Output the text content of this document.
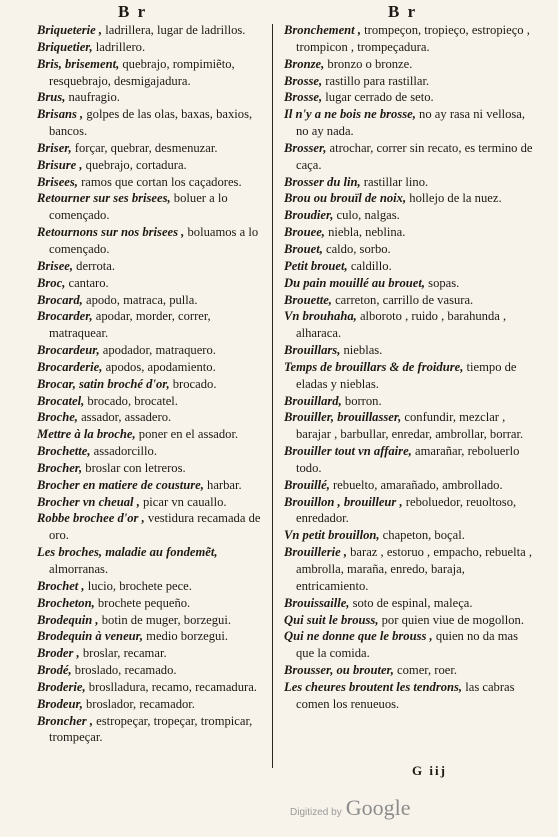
B r	B r

Briqueterie , ladrillera, lugar de ladrillos.

Briquetier, ladrillero.

Bris, brisement, quebrajo, rompimiẽto, resquebrajo, desmigajadura.

Brus, naufragio.

Brisans , golpes de las olas, baxas, baxios, bancos.

Briser, forçar, quebrar, desmenuzar.

Brisure , quebrajo, cortadura.

Brisees, ramos que cortan los caçadores.

Retourner sur ses brisees, boluer a lo començado.

Retournons sur nos brisees , boluamos a lo començado.

Brisee, derrota.

Broc, cantaro.

Brocard, apodo, matraca, pulla.

Brocarder, apodar, morder, correr, matraquear.

Brocardeur, apodador, matraquero.

Brocarderie, apodos, apodamiento.

Brocar, satin broché d'or, brocado.

Brocatel, brocado, brocatel.

Broche, assador, assadero.

Mettre à la broche, poner en el assador.

Brochette, assadorcillo.

Brocher, broslar con letreros.

Brocher en matiere de cousture, harbar.

Brocher vn cheual , picar vn cauallo.

Robbe brochee d'or , vestidura recamada de oro.

Les broches, maladie au fondemẽt, almorranas.

Brochet , lucio, brochete pece.

Brocheton, brochete pequeño.

Brodequin , botin de muger, borzegui.

Brodequin à veneur, medio borzegui.

Broder , broslar, recamar.

Brodé, broslado, recamado.

Broderie, broslladura, recamo, recamadura.

Brodeur, broslador, recamador.

Broncher , estropeçar, tropeçar, trompicar, trompeçar.

Bronchement , trompeçon, tropieço, estropieço , trompicon , trompeçadura.

Bronze, bronzo o bronze.

Brosse, rastillo para rastillar.

Brosse, lugar cerrado de seto.

Il n'y a ne bois ne brosse, no ay rasa ni vellosa, no ay nada.

Brosser, atrochar, correr sin recato, es termino de caça.

Brosser du lin, rastillar lino.

Brou ou brouïl de noix, hollejo de la nuez.

Broudier, culo, nalgas.

Brouee, niebla, neblina.

Brouet, caldo, sorbo.

Petit brouet, caldillo.

Du pain mouillé au brouet, sopas.

Brouette, carreton, carrillo de vasura.

Vn brouhaha, alboroto , ruido , barahunda , alharaca.

Brouillars, nieblas.

Temps de brouillars & de froidure, tiempo de eladas y nieblas.

Brouillard, borron.

Brouiller, brouillasser, confundir, mezclar , barajar , barbullar, enredar, ambrollar, borrar.

Brouiller tout vn affaire, amarañar, reboluerlo todo.

Brouillé, rebuelto, amarañado, ambrollado.

Brouillon , brouilleur , reboluedor, reuoltoso, enredador.

Vn petit brouillon, chapeton, boçal.

Brouillerie , baraz , estoruo , empacho, rebuelta , ambrolla, maraña, enredo, baraja, entricamiento.

Brouissaille, soto de espinal, maleça.

Qui suit le brouss, por quien viue de mogollon.

Qui ne donne que le brouss , quien no da mas que la comida.

Brousser, ou brouter, comer, roer.

Les cheures broutent les tendrons, las cabras comen los renueuos.

G iij
Digitized by Google
